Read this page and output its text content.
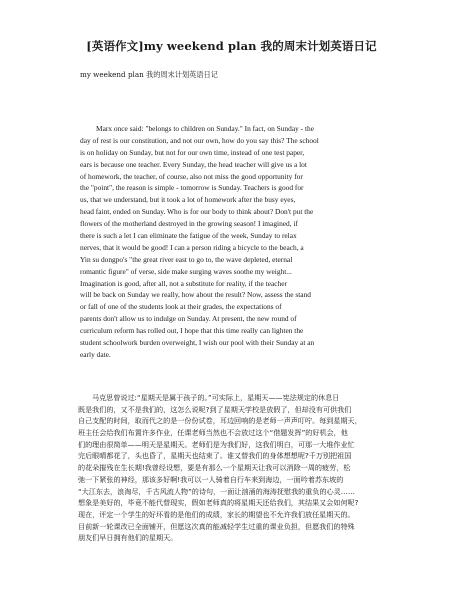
[英语作文]my weekend plan 我的周末计划英语日记
my weekend plan 我的周末计划英语日记
Marx once said: "belongs to children on Sunday." In fact, on Sunday - the
day of rest is our constitution, and not our own, how do you say this? The school
is on holiday on Sunday, but not for our own time, instead of one test paper,
ears is because one teacher. Every Sunday, the head teacher will give us a lot
of homework, the teacher, of course, also not miss the good opportunity for
the "point", the reason is simple - tomorrow is Sunday. Teachers is good for
us, that we understand, but it took a lot of homework after the busy eyes,
head faint, ended on Sunday. Who is for our body to think about? Don't put the
flowers of the motherland destroyed in the growing season! I imagined, if
there is such a let I can eliminate the fatigue of the week, Sunday to relax
nerves, that it would be good! I can a person riding a bicycle to the beach, a
Yin su dongpo's "the great river east to go to, the wave depleted, eternal
romantic figure" of verse, side make surging waves soothe my weight...
Imagination is good, after all, not a substitute for reality, if the teacher
will be back on Sunday we really, how about the result? Now, assess the stand
or fall of one of the students look at their grades, the expectations of
parents don't allow us to indulge on Sunday. At present, the new round of
curriculum reform has rolled out, I hope that this time really can lighten the
student schoolwork burden overweight, I wish our pool with their Sunday at an
early date.
马克思曾说过:“星期天是属于孩子的。”可实际上，星期天——宪法规定的休息日
既是我们的，又不是我们的，这怎么说呢?到了星期天学校是放假了，但却没有可供我们
自己支配的时间，取而代之的是一份份试卷，耳边回响的是老师一声声叮咛。每到星期天，
班主任会给我们布置许多作业，任课老师当然也不会放过这个“借题发挥”的好机会，他
们的理由很简单——明天是星期天。老师们是为我们好，这我们明白，可那一大堆作业忙
完后眼晴都花了，头也昏了，星期天也结束了。谁又替我们的身体想想呢?千万别把祖国
的花朵摧残在生长期!我曾经设想，要是有那么一个星期天让我可以消除一周的疲劳，松
弛一下紧张的神经，那该多好啊!我可以一人骑着自行车来到海边，一面吟着苏东坡的
“大江东去，浪淘尽，千古风流人物”的诗句，一面让汹涌的海涛抚慰我的重负的心灵……
想象是美好的，毕竟不能代替现实，假如老师真的将星期天还给我们，其结果又会如何呢?
现在，评定一个学生的好坏看的是他们的成绩，家长的期望也不允许我们放任星期天的。
目前新一轮课改已全面铺开，但愿这次真的能减轻学生过重的课业负担，但愿我们的特殊
朋友们早日拥有他们的星期天。
